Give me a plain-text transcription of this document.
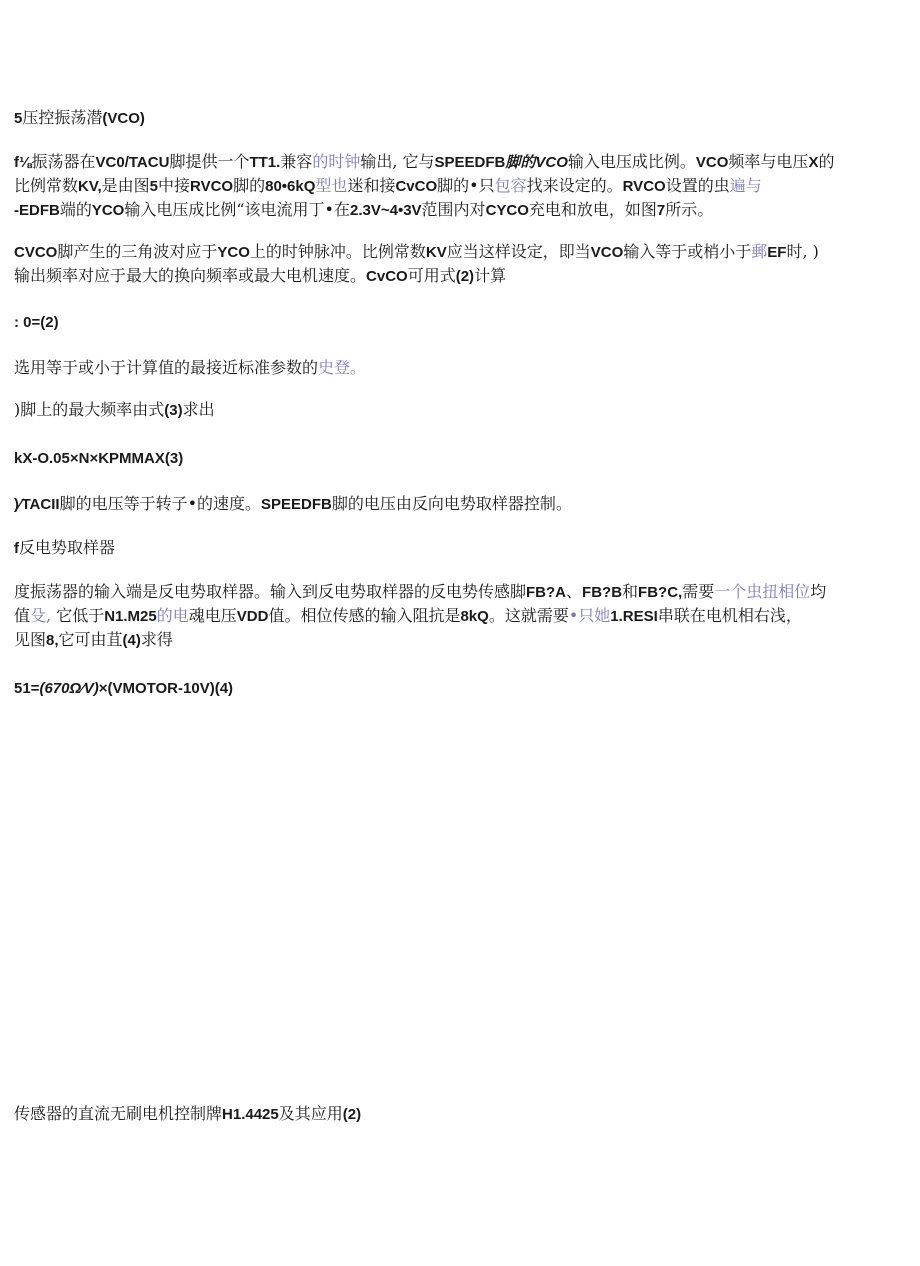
5压控振荡潜(VCO)
f⅛振荡器在VC0/TACU脚提供一个TT1.兼容的时钟输出, 它与SPEEDFB脚的VCO输入电压成比例。VCO频率与电压X的
比例常数KV,是由图5中接RVCO脚的80•6kQ型也迷和接CvCO脚的•只包容找来设定的。RVCO设置的虫遍与
-EDFB端的YCO输入电压成比例“该电流用丁•在2.3V~4•3V范围内对CYCO充电和放电，如图7所示。
CVCO脚产生的三角波对应于YCO上的时钟脉冲。比例常数KV应当这样设定，即当VCO输入等于或梢小于郵EF时, )
输出频率对应于最大的换向频率或最大电机速度。CvCO可用式(2)计算
: 0=(2)
选用等于或小于计算值的最接近标准参数的史登。
)脚上的最大频率由式(3)求出
kX-O.05×N×KPMMAX(3)
)∕TACII脚的电压等于转子•的速度。SPEEDFB脚的电压由反向电势取样器控制。
f反电势取样器
度振荡器的输入端是反电势取样器。输入到反电势取样器的反电势传感脚FB?A、FB?B和FB?C,需要一个虫扭相位均
值殳, 它低于N1.M25的电魂电压VDD值。相位传感的输入阻抗是8kQ。这就需要•只她1.RESI串联在电机相右浅，
见图8,它可由苴(4)求得
51=(670Ω∕V)×(VMOTOR-10V)(4)
传感器的直流无刷电机控制牌H1.4425及其应用(2)
